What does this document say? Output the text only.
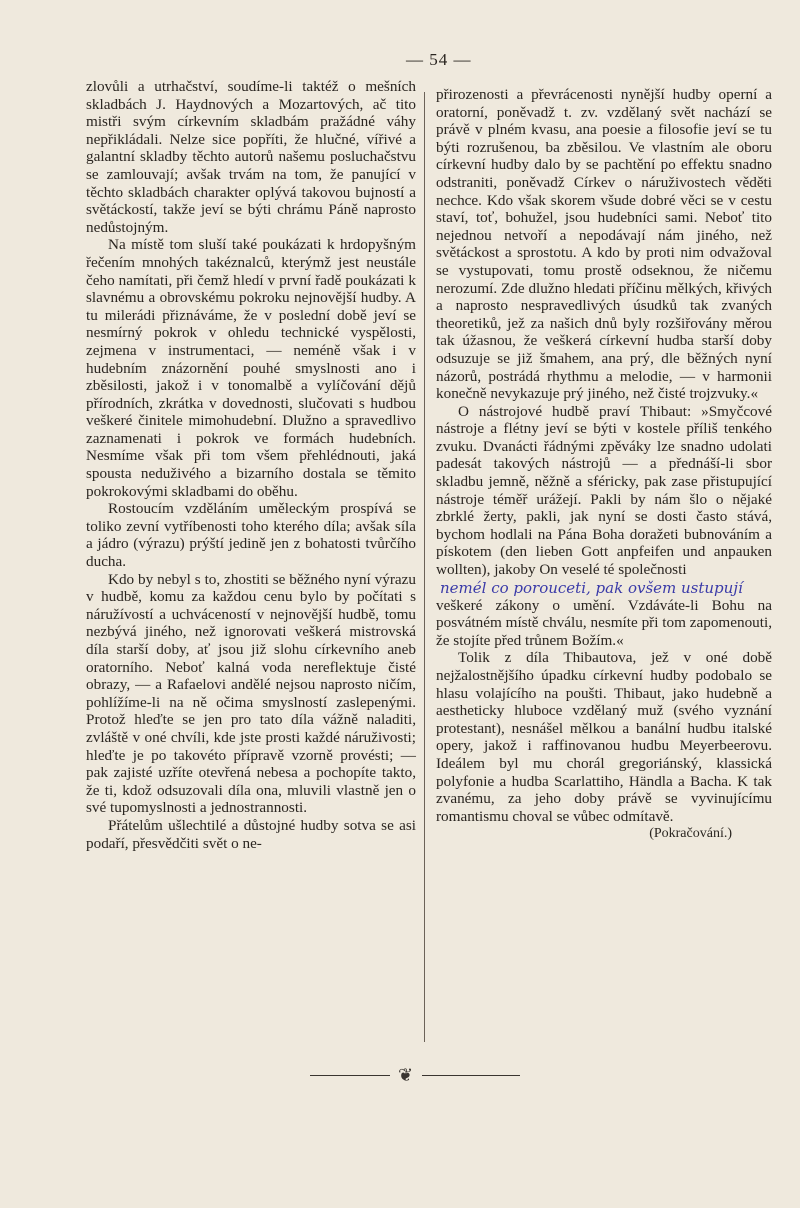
— 54 —

zlovůli a utrhačství, soudíme-li taktéž o mešních skladbách J. Haydnových a Mozartových, ač tito mistři svým církevním skladbám pražádné váhy nepřikládali. Nelze sice popříti, že hlučné, vířivé a galantní skladby těchto autorů našemu posluchačstvu se zamlouvají; avšak trvám na tom, že panující v těchto skladbách charakter oplývá takovou bujností a světáckostí, takže jeví se býti chrámu Páně naprosto nedůstojným.

Na místě tom sluší také poukázati k hrdopyšným řečením mnohých takéznalců, kterýmž jest neustále čeho namítati, při čemž hledí v první řadě poukázati k slavnému a obrovskému pokroku nejnovější hudby. A tu milerádi přiznáváme, že v poslední době jeví se nesmírný pokrok v ohledu technické vyspělosti, zejmena v instrumentaci, — neméně však i v hudebním znázornění pouhé smyslnosti ano i zběsilosti, jakož i v tonomalbě a vylíčování dějů přírodních, zkrátka v dovednosti, slučovati s hudbou veškeré činitele mimohudební. Dlužno a spravedlivo zaznamenati i pokrok ve formách hudebních. Nesmíme však při tom všem přehlédnouti, jaká spousta neduživého a bizarního dostala se těmito pokrokovými skladbami do oběhu.

Rostoucím vzděláním uměleckým prospívá se toliko zevní vytříbenosti toho kterého díla; avšak síla a jádro (výrazu) prýští jedině jen z bohatosti tvůrčího ducha.

Kdo by nebyl s to, zhostiti se běžného nyní výrazu v hudbě, komu za každou cenu bylo by počítati s náružívostí a uchváceností v nejnovější hudbě, tomu nezbývá jiného, než ignorovati veškerá mistrovská díla starší doby, ať jsou již slohu církevního aneb oratorního. Neboť kalná voda nereflektuje čisté obrazy, — a Rafaelovi andělé nejsou naprosto ničím, pohlížíme-li na ně očima smyslností zaslepenými. Protož hleďte se jen pro tato díla vážně naladiti, zvláště v oné chvíli, kde jste prosti každé náruživosti; hleďte je po takovéto přípravě vzorně provésti; — pak zajisté uzříte otevřená nebesa a pochopíte takto, že ti, kdož odsuzovali díla ona, mluvili vlastně jen o své tupomyslnosti a jednostrannosti.

Přátelům ušlechtilé a důstojné hudby sotva se asi podaří, přesvědčiti svět o ne-

přirozenosti a převrácenosti nynější hudby operní a oratorní, poněvadž t. zv. vzdělaný svět nachází se právě v plném kvasu, ana poesie a filosofie jeví se tu býti rozrušenou, ba zběsilou. Ve vlastním ale oboru církevní hudby dalo by se pachtění po effektu snadno odstraniti, poněvadž Církev o náruživostech věděti nechce. Kdo však skorem všude dobré věci se v cestu staví, toť, bohužel, jsou hudebníci sami. Neboť tito nejednou netvoří a nepodávají nám jiného, než světáckost a sprostotu. A kdo by proti nim odvažoval se vystupovati, tomu prostě odseknou, že ničemu nerozumí. Zde dlužno hledati příčinu mělkých, křivých a naprosto nespravedlivých úsudků tak zvaných theoretiků, jež za našich dnů byly rozšiřovány měrou tak úžasnou, že veškerá církevní hudba starší doby odsuzuje se již šmahem, ana prý, dle běžných nyní názorů, postrádá rhythmu a melodie, — v harmonii konečně nevykazuje prý jiného, než čisté trojzvuky.«

O nástrojové hudbě praví Thibaut: »Smyčcové nástroje a flétny jeví se býti v kostele příliš tenkého zvuku. Dvanácti řádnými zpěváky lze snadno udolati padesát takových nástrojů — a přednáší-li sbor skladbu jemně, něžně a sféricky, pak zase přistupující nástroje téměř urážejí. Pakli by nám šlo o nějaké zbrklé žerty, pakli, jak nyní se dosti často stává, bychom hodlali na Pána Boha doražeti bubnováním a pískotem (den lieben Gott anpfeifen und anpauken wollten), jakoby On veselé té společnosti

nemél co porouceti, pak ovšem ustupují

veškeré zákony o umění. Vzdáváte-li Bohu na posvátném místě chválu, nesmíte při tom zapomenouti, že stojíte před trůnem Božím.«

Tolik z díla Thibautova, jež v oné době nejžalostnějšího úpadku církevní hudby podobalo se hlasu volajícího na poušti. Thibaut, jako hudebně a aestheticky hluboce vzdělaný muž (svého vyznání protestant), nesnášel mělkou a banální hudbu italské opery, jakož i raffinovanou hudbu Meyerbeerovu. Ideálem byl mu chorál gregoriánský, klassická polyfonie a hudba Scarlattiho, Händla a Bacha. K tak zvanému, za jeho doby právě se vyvinujícímu romantismu choval se vůbec odmítavě.

(Pokračování.)

❦
